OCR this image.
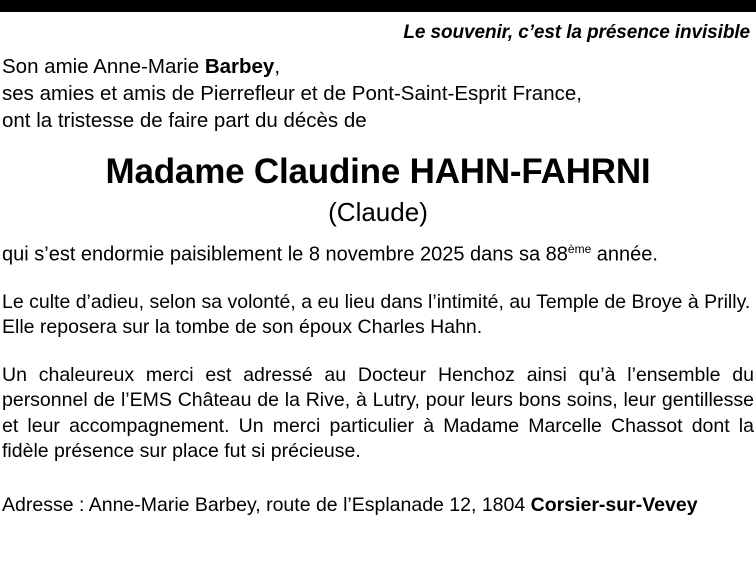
Le souvenir, c’est la présence invisible
Son amie Anne-Marie Barbey,
ses amies et amis de Pierrefleur et de Pont-Saint-Esprit France,
ont la tristesse de faire part du décès de
Madame Claudine HAHN-FAHRNI
(Claude)
qui s’est endormie paisiblement le 8 novembre 2025 dans sa 88ème année.
Le culte d’adieu, selon sa volonté, a eu lieu dans l’intimité, au Temple de Broye à Prilly. Elle reposera sur la tombe de son époux Charles Hahn.
Un chaleureux merci est adressé au Docteur Henchoz ainsi qu’à l’ensemble du personnel de l’EMS Château de la Rive, à Lutry, pour leurs bons soins, leur gentillesse et leur accompagnement. Un merci particulier à Madame Marcelle Chassot dont la fidèle présence sur place fut si précieuse.
Adresse : Anne-Marie Barbey, route de l’Esplanade 12, 1804 Corsier-sur-Vevey
